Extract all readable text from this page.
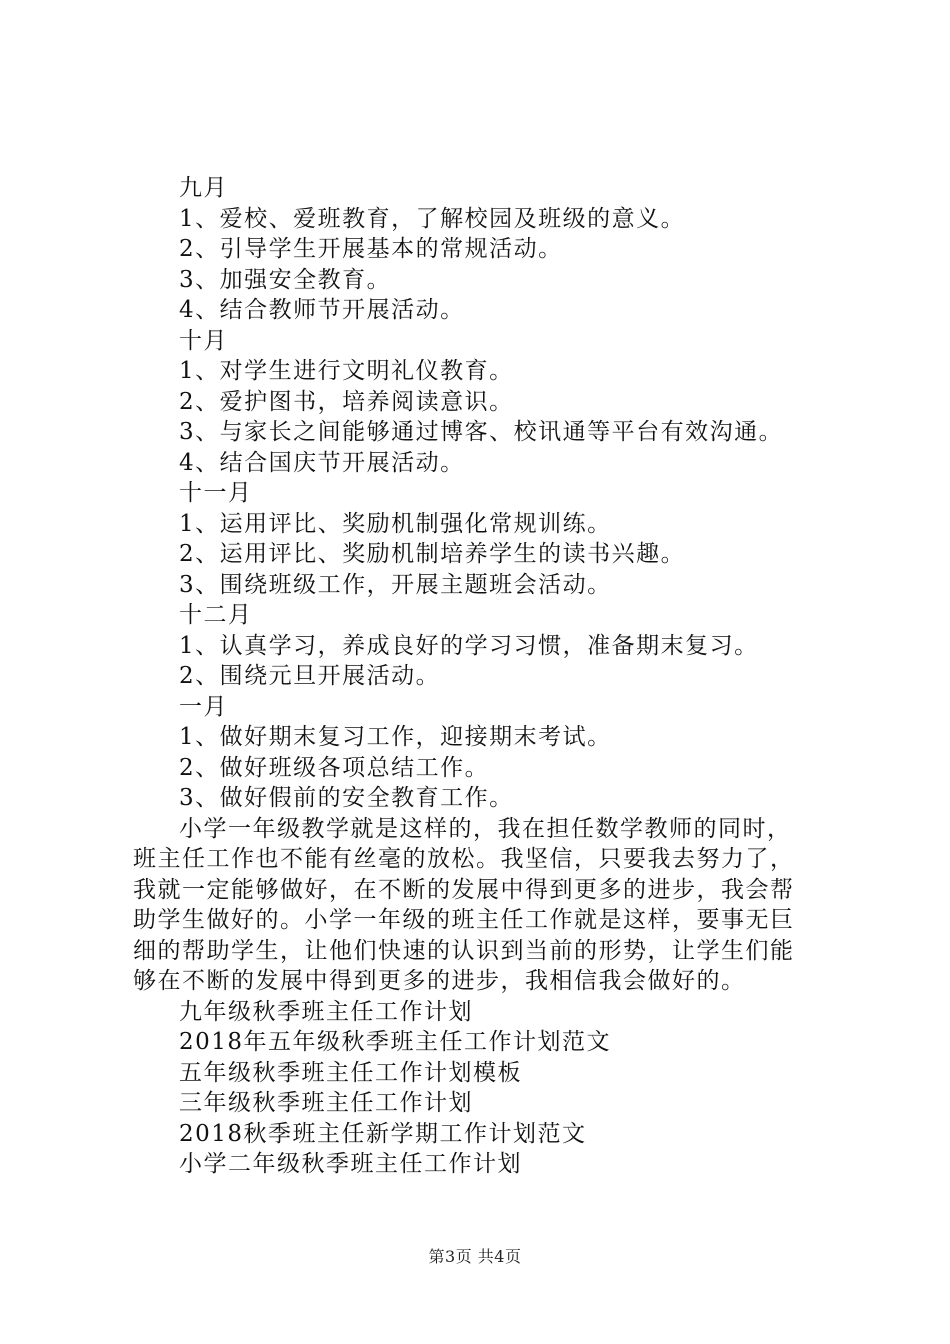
九月
1、爱校、爱班教育，了解校园及班级的意义。
2、引导学生开展基本的常规活动。
3、加强安全教育。
4、结合教师节开展活动。
十月
1、对学生进行文明礼仪教育。
2、爱护图书，培养阅读意识。
3、与家长之间能够通过博客、校讯通等平台有效沟通。
4、结合国庆节开展活动。
十一月
1、运用评比、奖励机制强化常规训练。
2、运用评比、奖励机制培养学生的读书兴趣。
3、围绕班级工作，开展主题班会活动。
十二月
1、认真学习，养成良好的学习习惯，准备期末复习。
2、围绕元旦开展活动。
一月
1、做好期末复习工作，迎接期末考试。
2、做好班级各项总结工作。
3、做好假前的安全教育工作。
小学一年级教学就是这样的，我在担任数学教师的同时，
班主任工作也不能有丝毫的放松。我坚信，只要我去努力了，
我就一定能够做好，在不断的发展中得到更多的进步，我会帮
助学生做好的。小学一年级的班主任工作就是这样，要事无巨
细的帮助学生，让他们快速的认识到当前的形势，让学生们能
够在不断的发展中得到更多的进步，我相信我会做好的。
九年级秋季班主任工作计划
2018年五年级秋季班主任工作计划范文
五年级秋季班主任工作计划模板
三年级秋季班主任工作计划
2018秋季班主任新学期工作计划范文
小学二年级秋季班主任工作计划
第3页 共4页
